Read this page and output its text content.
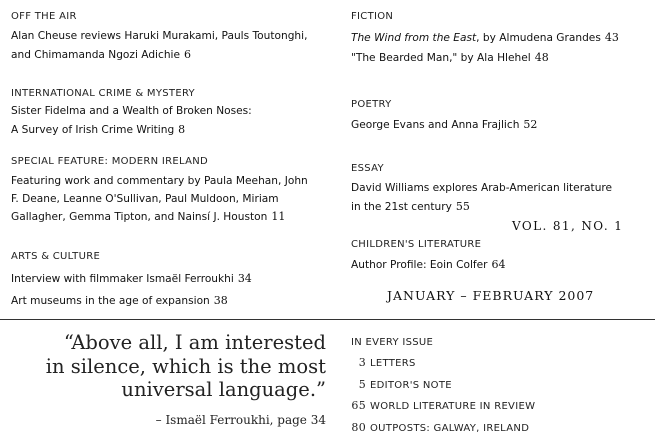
OFF THE AIR
Alan Cheuse reviews Haruki Murakami, Pauls Toutonghi,
and Chimamanda Ngozi Adichie 6
INTERNATIONAL CRIME & MYSTERY
Sister Fidelma and a Wealth of Broken Noses:
A Survey of Irish Crime Writing 8
SPECIAL FEATURE: MODERN IRELAND
Featuring work and commentary by Paula Meehan, John
F. Deane, Leanne O'Sullivan, Paul Muldoon, Miriam
Gallagher, Gemma Tipton, and Nainsí J. Houston 11
ARTS & CULTURE
Interview with filmmaker Ismaël Ferroukhi 34
Art museums in the age of expansion 38
FICTION
The Wind from the East, by Almudena Grandes 43
"The Bearded Man," by Ala Hlehel 48
POETRY
George Evans and Anna Frajlich 52
ESSAY
David Williams explores Arab-American literature
in the 21st century 55
CHILDREN'S LITERATURE
Author Profile: Eoin Colfer 64
VOL. 81, NO. 1
JANUARY – FEBRUARY 2007
“Above all, I am interested
in silence, which is the most
universal language.”
– Ismaël Ferroukhi, page 34
IN EVERY ISSUE
3 LETTERS
5 EDITOR'S NOTE
65 WORLD LITERATURE IN REVIEW
80 OUTPOSTS: GALWAY, IRELAND
